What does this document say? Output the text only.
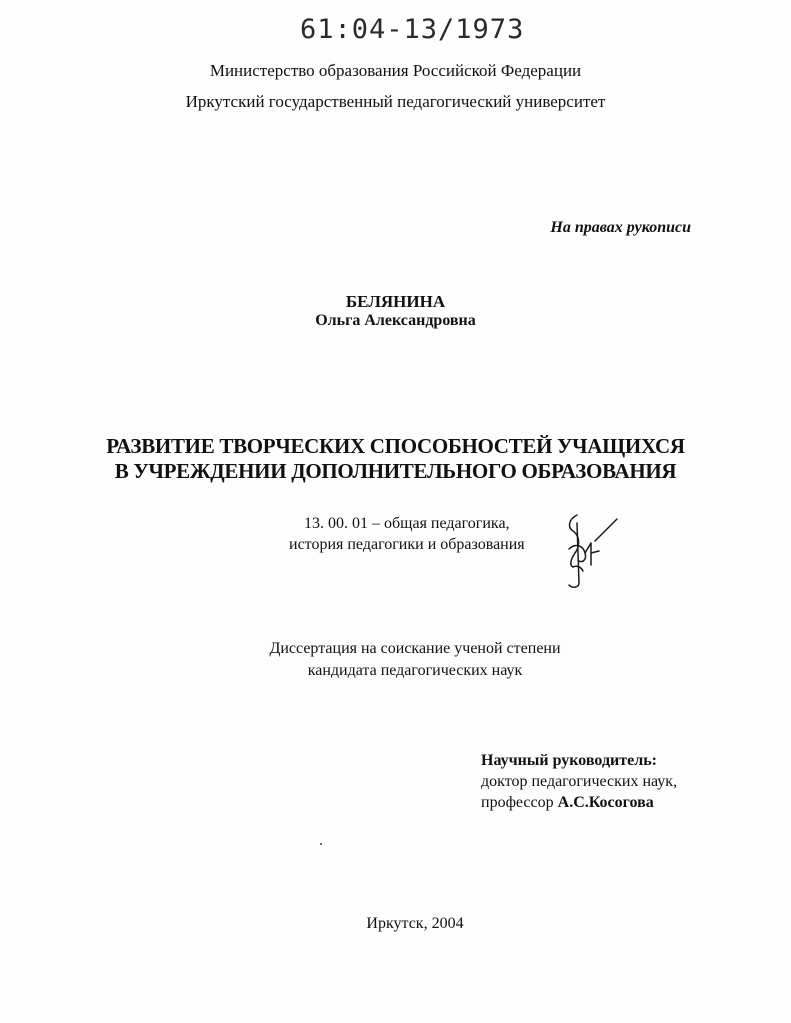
61:04-13/1973
Министерство образования Российской Федерации
Иркутский государственный педагогический университет
На правах рукописи
БЕЛЯНИНА
Ольга Александровна
РАЗВИТИЕ ТВОРЧЕСКИХ СПОСОБНОСТЕЙ УЧАЩИХСЯ
В УЧРЕЖДЕНИИ ДОПОЛНИТЕЛЬНОГО ОБРАЗОВАНИЯ
13. 00. 01 – общая педагогика,
история педагогики и образования
Диссертация на соискание ученой степени
кандидата педагогических наук
Научный руководитель:
доктор педагогических наук,
профессор А.С.Косогова
Иркутск, 2004
